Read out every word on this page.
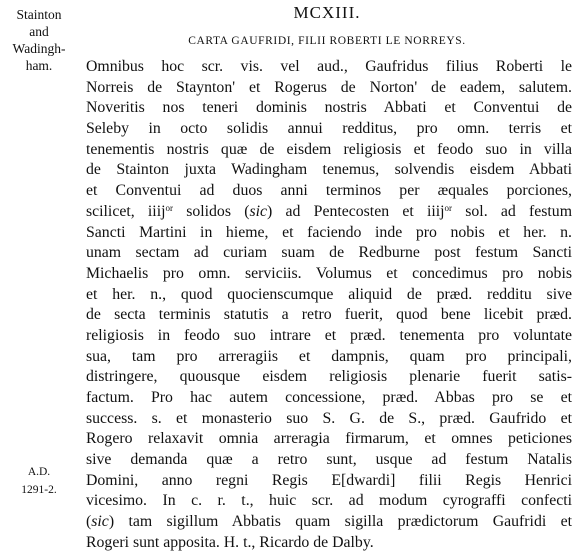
Stainton
and
Wadingh-
ham.
A.D.
1291-2.
MCXIII.
CARTA GAUFRIDI, FILII ROBERTI LE NORREYS.
Omnibus hoc scr. vis. vel aud., Gaufridus filius Roberti le
Norreis de Staynton' et Rogerus de Norton' de eadem, salutem.
Noveritis nos teneri dominis nostris Abbati et Conventui de
Seleby in octo solidis annui redditus, pro omn. terris et
tenementis nostris quæ de eisdem religiosis et feodo suo in villa
de Stainton juxta Wadingham tenemus, solvendis eisdem Abbati
et Conventui ad duos anni terminos per æquales porciones,
scilicet, iiij$^{or}$ solidos (sic) ad Pentecosten et iiij$^{or}$ sol. ad festum
Sancti Martini in hieme, et faciendo inde pro nobis et her. n.
unam sectam ad curiam suam de Redburne post festum Sancti
Michaelis pro omn. serviciis. Volumus et concedimus pro nobis
et her. n., quod quocienscumque aliquid de præd. redditu sive
de secta terminis statutis a retro fuerit, quod bene licebit præd.
religiosis in feodo suo intrare et præd. tenementa pro voluntate
sua, tam pro arreragiis et dampnis, quam pro principali,
distringere, quousque eisdem religiosis plenarie fuerit satis-
factum. Pro hac autem concessione, præd. Abbas pro se et
success. s. et monasterio suo S. G. de S., præd. Gaufrido et
Rogero relaxavit omnia arreragia firmarum, et omnes peticiones
sive demanda quæ a retro sunt, usque ad festum Natalis
Domini, anno regni Regis E[dwardi] filii Regis Henrici
vicesimo. In c. r. t., huic scr. ad modum cyrograffi confecti
(sic) tam sigillum Abbatis quam sigilla prædictorum Gaufridi et
Rogeri sunt apposita. H. t., Ricardo de Dalby.
